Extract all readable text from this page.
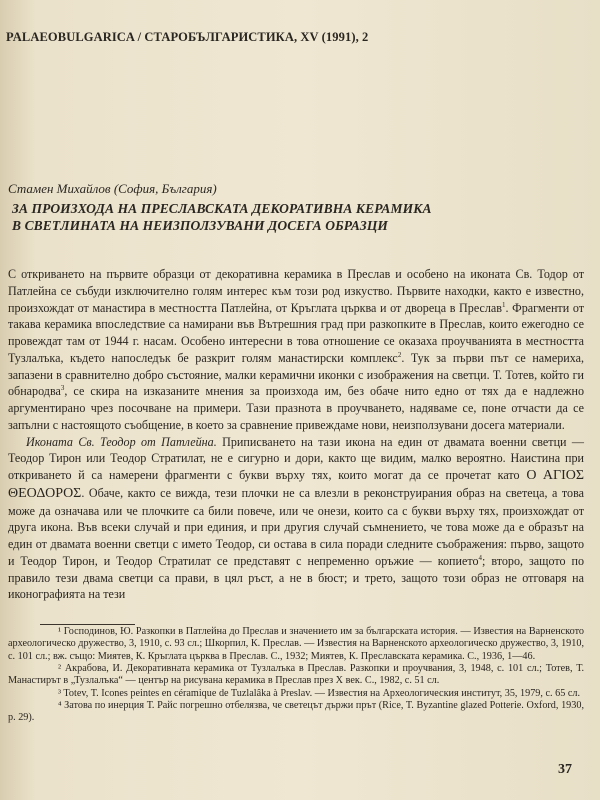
PALAEOBULGARICA / СТАРОБЪЛГАРИСТИКА, XV (1991), 2
Стамен Михайлов (София, България)
ЗА ПРОИЗХОДА НА ПРЕСЛАВСКАТА ДЕКОРАТИВНА КЕРАМИКА
В СВЕТЛИНАТА НА НЕИЗПОЛЗУВАНИ ДОСЕГА ОБРАЗЦИ

С откриването на първите образци от декоративна керамика в Преслав и особено на иконата Св. Тодор от Патлейна се събуди изключително голям интерес към този род изкуство. Първите находки, както е известно, произхождат от манастира в местността Патлейна, от Кръглата църква и от двореца в Преслав$^1$. Фрагменти от такава керамика впоследствие са намирани във Вътрешния град при разкопките в Преслав, които ежегодно се провеждат там от 1944 г. насам. Особено интересни в това отношение се оказаха проучванията в местността Тузлалъка, където напоследък бе разкрит голям манастирски комплекс$^2$. Тук за първи път се намериха, запазени в сравнително добро състояние, малки керамични иконки с изображения на светци. Т. Тотев, който ги обнародва$^3$, се скира на изказаните мнения за произхода им, без обаче нито едно от тях да е надлежно аргументирано чрез посочване на примери. Тази празнота в проучването, надяваме се, поне отчасти да се запълни с настоящото съобщение, в което за сравнение привеждаме нови, неизползувани досега материали.

Иконата Св. Теодор от Патлейна. Приписването на тази икона на един от двамата военни светци — Теодор Тирон или Теодор Стратилат, не е сигурно и дори, както ще видим, малко вероятно. Наистина при откриването й са намерени фрагменти с букви върху тях, които могат да се прочетат като Ο ΑΓΙΟΣ ΘΕΟΔΟΡΟΣ. Обаче, както се вижда, тези плочки не са влезли в реконструирания образ на светеца, а това може да означава или че плочките са били повече, или че онези, които са с букви върху тях, произхождат от друга икона. Във всеки случай и при единия, и при другия случай съмнението, че това може да е образът на един от двамата военни светци с името Теодор, си остава в сила поради следните съображения: първо, защото и Теодор Тирон, и Теодор Стратилат се представят с непременно оръжие — копието$^4$; второ, защото по правило тези двама светци са прави, в цял ръст, а не в бюст; и трето, защото този образ не отговаря на иконографията на тези

¹ Господинов, Ю. Разкопки в Патлейна до Преслав и значението им за българската история. — Известия на Варненското археологическо дружество, 3, 1910, с. 93 сл.; Шкорпил, К. Преслав. — Известия на Варненското археологическо дружество, 3, 1910, с. 101 сл.; вж. също: Миятев, К. Кръглата църква в Преслав. С., 1932; Миятев, К. Преславската керамика. С., 1936, 1—46.

² Акрабова, И. Декоративната керамика от Тузлалъка в Преслав. Разкопки и проучвания, 3, 1948, с. 101 сл.; Тотев, Т. Манастирът в „Тузлалъка“ — център на рисувана керамика в Преслав през X век. С., 1982, с. 51 сл.

³ Totev, T. Icones peintes en céramique de Tuzlalâka à Preslav. — Известия на Археологическия институт, 35, 1979, с. 65 сл.

⁴ Затова по инерция Т. Райс погрешно отбелязва, че светецът държи прът (Rice, T. Byzantine glazed Potterie. Oxford, 1930, p. 29).

37
